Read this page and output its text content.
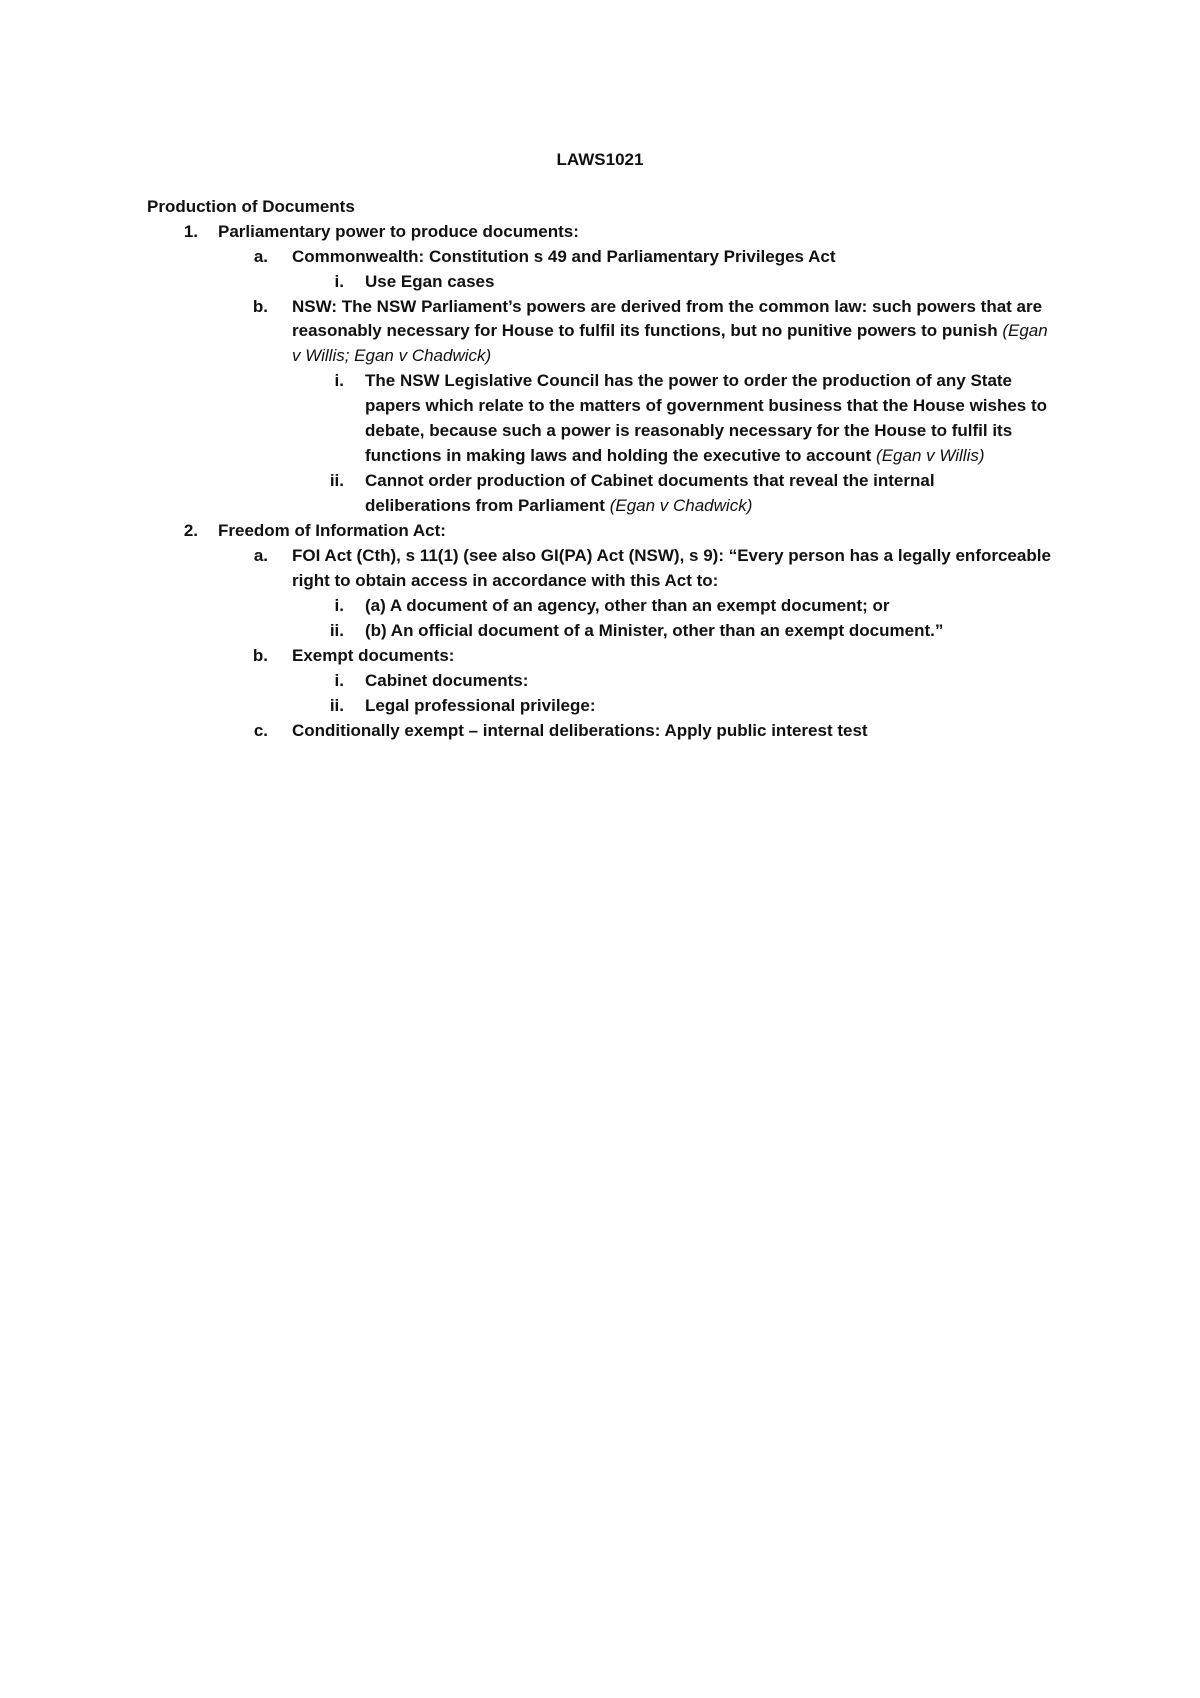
LAWS1021
Production of Documents
1. Parliamentary power to produce documents:
a. Commonwealth: Constitution s 49 and Parliamentary Privileges Act
i. Use Egan cases
b. NSW: The NSW Parliament’s powers are derived from the common law: such powers that are
reasonably necessary for House to fulfil its functions, but no punitive powers to punish (Egan
v Willis; Egan v Chadwick)
i. The NSW Legislative Council has the power to order the production of any State
papers which relate to the matters of government business that the House wishes to
debate, because such a power is reasonably necessary for the House to fulfil its
functions in making laws and holding the executive to account (Egan v Willis)
ii. Cannot order production of Cabinet documents that reveal the internal
deliberations from Parliament (Egan v Chadwick)
2. Freedom of Information Act:
a. FOI Act (Cth), s 11(1) (see also GI(PA) Act (NSW), s 9): “Every person has a legally enforceable
right to obtain access in accordance with this Act to:
i. (a) A document of an agency, other than an exempt document; or
ii. (b) An official document of a Minister, other than an exempt document.”
b. Exempt documents:
i. Cabinet documents:
ii. Legal professional privilege:
c. Conditionally exempt – internal deliberations: Apply public interest test
